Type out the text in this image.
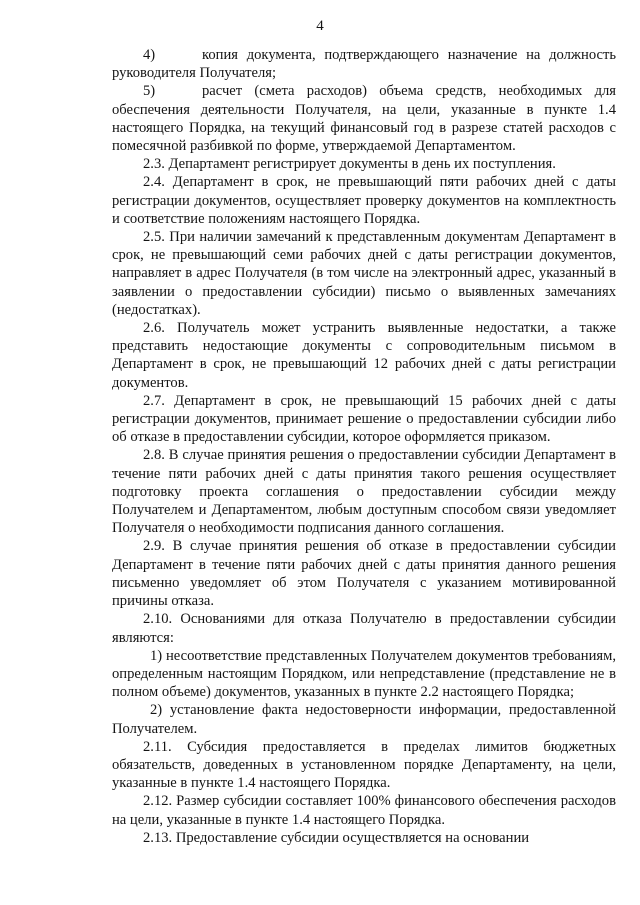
4

4)	копия документа, подтверждающего назначение на должность руководителя Получателя;

5)	расчет (смета расходов) объема средств, необходимых для обеспечения деятельности Получателя, на цели, указанные в пункте 1.4 настоящего Порядка, на текущий финансовый год в разрезе статей расходов с помесячной разбивкой по форме, утверждаемой Департаментом.

2.3. Департамент регистрирует документы в день их поступления.

2.4. Департамент в срок, не превышающий пяти рабочих дней с даты регистрации документов, осуществляет проверку документов на комплектность и соответствие положениям настоящего Порядка.

2.5. При наличии замечаний к представленным документам Департамент в срок, не превышающий семи рабочих дней с даты регистрации документов, направляет в адрес Получателя (в том числе на электронный адрес, указанный в заявлении о предоставлении субсидии) письмо о выявленных замечаниях (недостатках).

2.6. Получатель может устранить выявленные недостатки, а также представить недостающие документы с сопроводительным письмом в Департамент в срок, не превышающий 12 рабочих дней с даты регистрации документов.

2.7. Департамент в срок, не превышающий 15 рабочих дней с даты регистрации документов, принимает решение о предоставлении субсидии либо об отказе в предоставлении субсидии, которое оформляется приказом.

2.8. В случае принятия решения о предоставлении субсидии Департамент в течение пяти рабочих дней с даты принятия такого решения осуществляет подготовку проекта соглашения о предоставлении субсидии между Получателем и Департаментом, любым доступным способом связи уведомляет Получателя о необходимости подписания данного соглашения.

2.9. В случае принятия решения об отказе в предоставлении субсидии Департамент в течение пяти рабочих дней с даты принятия данного решения письменно уведомляет об этом Получателя с указанием мотивированной причины отказа.

2.10. Основаниями для отказа Получателю в предоставлении субсидии являются:

1) несоответствие представленных Получателем документов требованиям, определенным настоящим Порядком, или непредставление (представление не в полном объеме) документов, указанных в пункте 2.2 настоящего Порядка;

2) установление факта недостоверности информации, предоставленной Получателем.

2.11. Субсидия предоставляется в пределах лимитов бюджетных обязательств, доведенных в установленном порядке Департаменту, на цели, указанные в пункте 1.4 настоящего Порядка.

2.12. Размер субсидии составляет 100% финансового обеспечения расходов на цели, указанные в пункте 1.4 настоящего Порядка.

2.13. Предоставление субсидии осуществляется на основании
